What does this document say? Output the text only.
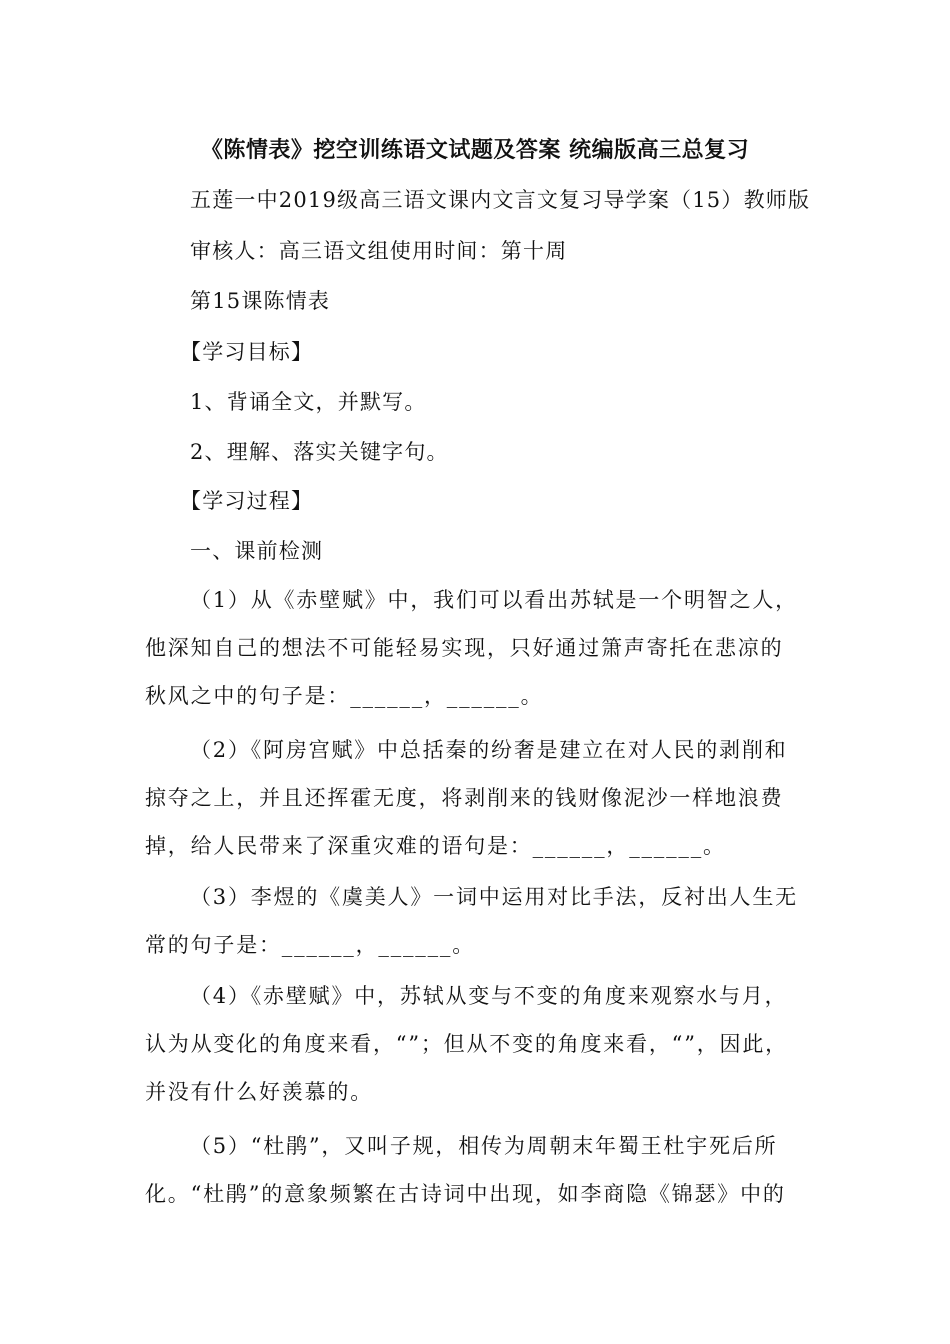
《陈情表》挖空训练语文试题及答案 统编版高三总复习
五莲一中2019级高三语文课内文言文复习导学案（15）教师版
审核人：高三语文组使用时间：第十周
第15课陈情表
【学习目标】
1、背诵全文，并默写。
2、理解、落实关键字句。
【学习过程】
一、课前检测
（1）从《赤壁赋》中，我们可以看出苏轼是一个明智之人，他深知自己的想法不可能轻易实现，只好通过箫声寄托在悲凉的秋风之中的句子是：______，______。
（2）《阿房宫赋》中总括秦的纷奢是建立在对人民的剥削和掠夺之上，并且还挥霍无度，将剥削来的钱财像泥沙一样地浪费掉，给人民带来了深重灾难的语句是：______，______。
（3）李煜的《虞美人》一词中运用对比手法，反衬出人生无常的句子是：______，______。
（4）《赤壁赋》中，苏轼从变与不变的角度来观察水与月，认为从变化的角度来看，“”；但从不变的角度来看，“”，因此，并没有什么好羡慕的。
（5）“杜鹃”，又叫子规，相传为周朝末年蜀王杜宇死后所化。“杜鹃”的意象频繁在古诗词中出现，如李商隐《锦瑟》中的
